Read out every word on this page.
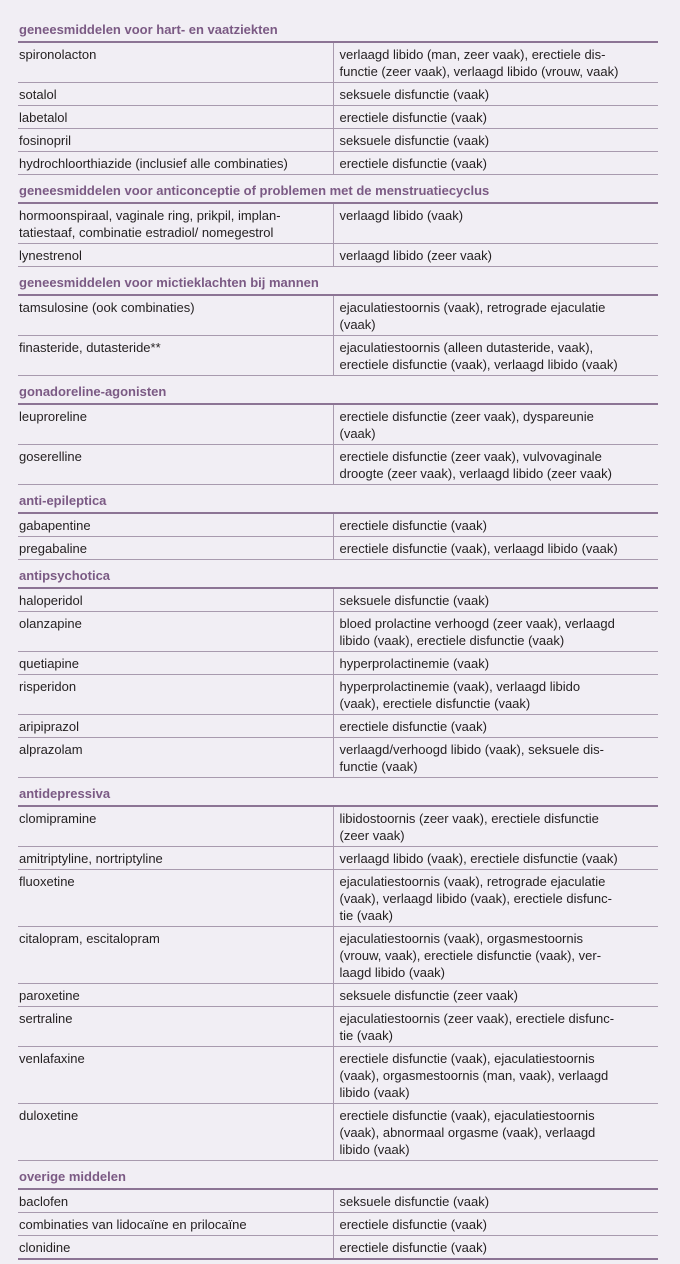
geneesmiddelen voor hart- en vaatziekten	
spironolacton	verlaagd libido (man, zeer vaak), erectiele dis-
functie (zeer vaak), verlaagd libido (vrouw, vaak)
sotalol	seksuele disfunctie (vaak)
labetalol	erectiele disfunctie (vaak)
fosinopril	seksuele disfunctie (vaak)
hydrochloorthiazide (inclusief alle combinaties)	erectiele disfunctie (vaak)
geneesmiddelen voor anticonceptie of problemen met de menstruatiecyclus	
hormoonspiraal, vaginale ring, prikpil, implan-
tatiestaaf, combinatie estradiol/ nomegestrol	verlaagd libido (vaak)
lynestrenol	verlaagd libido (zeer vaak)
geneesmiddelen voor mictieklachten bij mannen	
tamsulosine (ook combinaties)	ejaculatiestoornis (vaak), retrograde ejaculatie
(vaak)
finasteride, dutasteride**	ejaculatiestoornis (alleen dutasteride, vaak),
erectiele disfunctie (vaak), verlaagd libido (vaak)
gonadoreline-agonisten	
leuproreline	erectiele disfunctie (zeer vaak), dyspareunie
(vaak)
goserelline	erectiele disfunctie (zeer vaak), vulvovaginale
droogte (zeer vaak), verlaagd libido (zeer vaak)
anti-epileptica	
gabapentine	erectiele disfunctie (vaak)
pregabaline	erectiele disfunctie (vaak), verlaagd libido (vaak)
antipsychotica	
haloperidol	seksuele disfunctie (vaak)
olanzapine	bloed prolactine verhoogd (zeer vaak), verlaagd
libido (vaak), erectiele disfunctie (vaak)
quetiapine	hyperprolactinemie (vaak)
risperidon	hyperprolactinemie (vaak), verlaagd libido
(vaak), erectiele disfunctie (vaak)
aripiprazol	erectiele disfunctie (vaak)
alprazolam	verlaagd/verhoogd libido (vaak), seksuele dis-
functie (vaak)
antidepressiva	
clomipramine	libidostoornis (zeer vaak), erectiele disfunctie
(zeer vaak)
amitriptyline, nortriptyline	verlaagd libido (vaak), erectiele disfunctie (vaak)
fluoxetine	ejaculatiestoornis (vaak), retrograde ejaculatie
(vaak), verlaagd libido (vaak), erectiele disfunc-
tie (vaak)
citalopram, escitalopram	ejaculatiestoornis (vaak), orgasmestoornis
(vrouw, vaak), erectiele disfunctie (vaak), ver-
laagd libido (vaak)
paroxetine	seksuele disfunctie (zeer vaak)
sertraline	ejaculatiestoornis (zeer vaak), erectiele disfunc-
tie (vaak)
venlafaxine	erectiele disfunctie (vaak), ejaculatiestoornis
(vaak), orgasmestoornis (man, vaak), verlaagd
libido (vaak)
duloxetine	erectiele disfunctie (vaak), ejaculatiestoornis
(vaak), abnormaal orgasme (vaak), verlaagd
libido (vaak)
overige middelen	
baclofen	seksuele disfunctie (vaak)
combinaties van lidocaïne en prilocaïne	erectiele disfunctie (vaak)
clonidine	erectiele disfunctie (vaak)
